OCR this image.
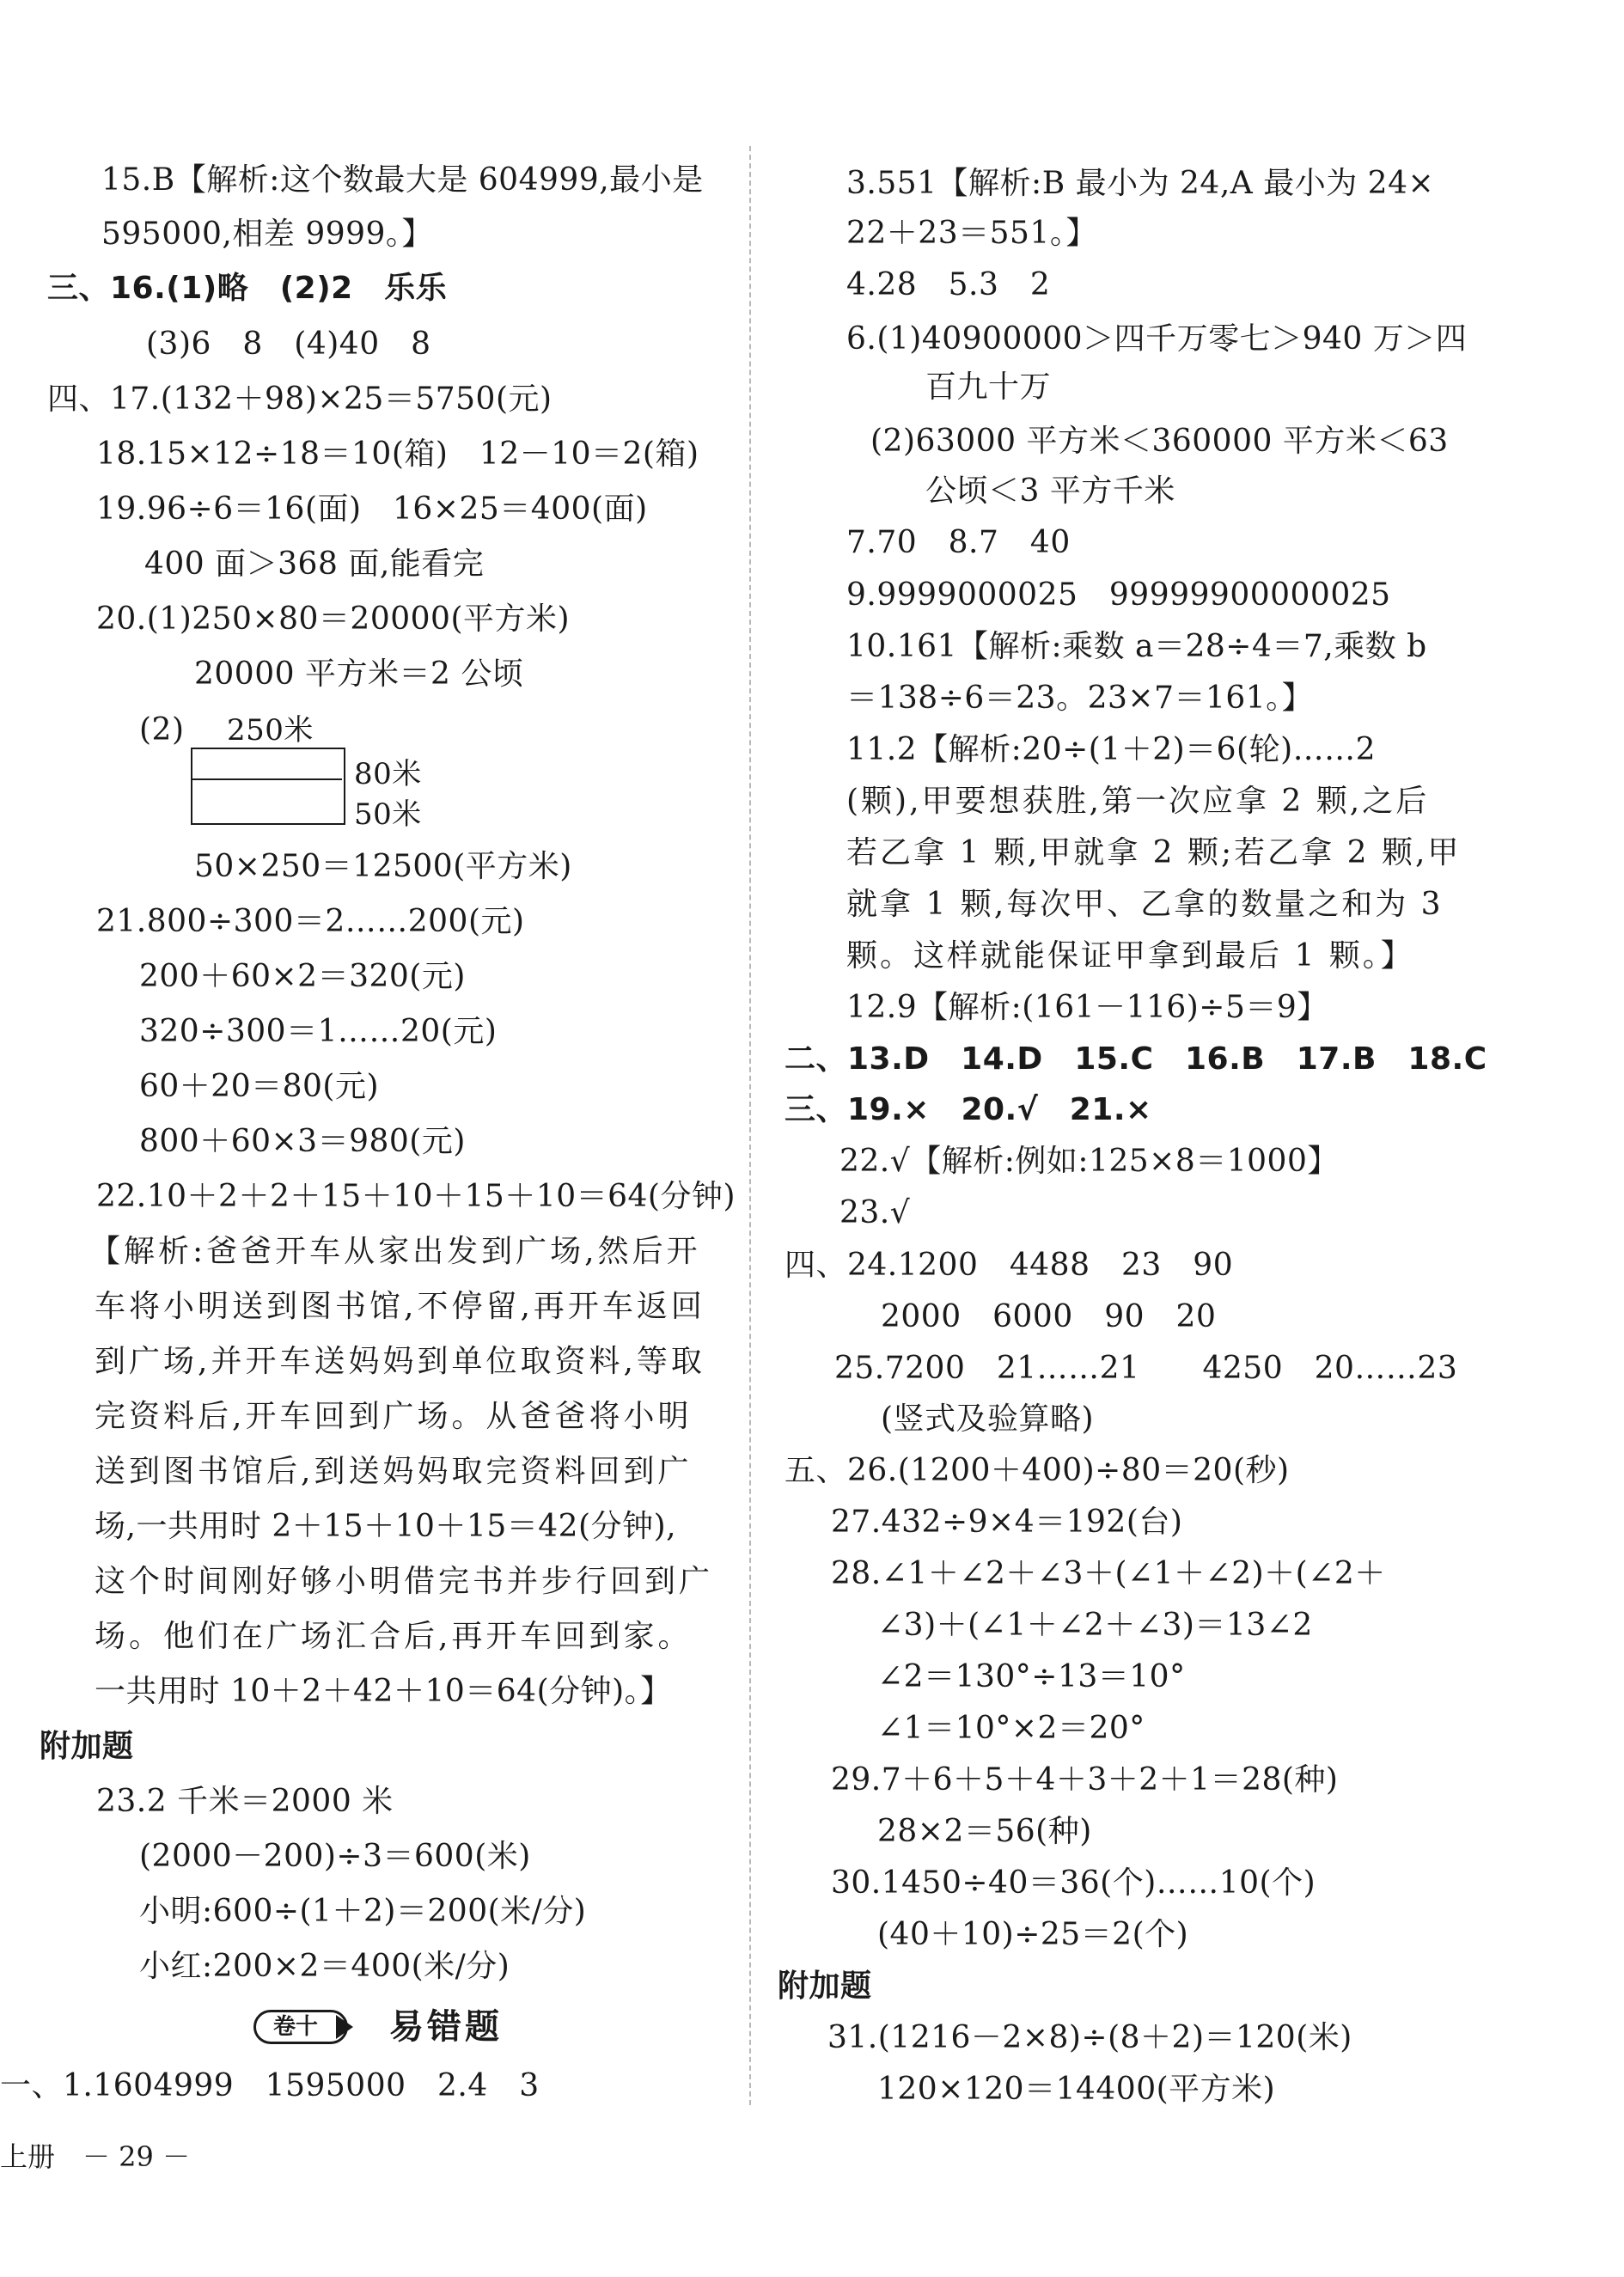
15.B【解析:这个数最大是 604999,最小是
595000,相差 9999。】
三、16.(1)略　(2)2　乐乐
(3)6　8　(4)40　8
四、17.(132＋98)×25＝5750(元)
18.15×12÷18＝10(箱)　12－10＝2(箱)
19.96÷6＝16(面)　16×25＝400(面)
400 面＞368 面,能看完
20.(1)250×80＝20000(平方米)
20000 平方米＝2 公顷
(2) 250米
80米
50米
50×250＝12500(平方米)
21.800÷300＝2……200(元)
200＋60×2＝320(元)
320÷300＝1……20(元)
60＋20＝80(元)
800＋60×3＝980(元)
22.10＋2＋2＋15＋10＋15＋10＝64(分钟)
【解析:爸爸开车从家出发到广场,然后开
车将小明送到图书馆,不停留,再开车返回
到广场,并开车送妈妈到单位取资料,等取
完资料后,开车回到广场。从爸爸将小明
送到图书馆后,到送妈妈取完资料回到广
场,一共用时 2＋15＋10＋15＝42(分钟),
这个时间刚好够小明借完书并步行回到广
场。他们在广场汇合后,再开车回到家。
一共用时 10＋2＋42＋10＝64(分钟)。】
附加题
23.2 千米＝2000 米
(2000－200)÷3＝600(米)
小明:600÷(1＋2)＝200(米/分)
小红:200×2＝400(米/分)
卷十	易错题
一、1.1604999　1595000　2.4　3
3.551【解析:B 最小为 24,A 最小为 24×
22＋23＝551。】
4.28　5.3　2
6.(1)40900000＞四千万零七＞940 万＞四
百九十万
(2)63000 平方米＜360000 平方米＜63
公顷＜3 平方千米
7.70　8.7　40
9.9999000025　99999900000025
10.161【解析:乘数 a＝28÷4＝7,乘数 b
＝138÷6＝23。23×7＝161。】
11.2【解析:20÷(1＋2)＝6(轮)……2
(颗),甲要想获胜,第一次应拿 2 颗,之后
若乙拿 1 颗,甲就拿 2 颗;若乙拿 2 颗,甲
就拿 1 颗,每次甲、乙拿的数量之和为 3
颗。这样就能保证甲拿到最后 1 颗。】
12.9【解析:(161－116)÷5＝9】
二、13.D　14.D　15.C　16.B　17.B　18.C
三、19.×　20.√　21.×
22.√【解析:例如:125×8＝1000】
23.√
四、24.1200　4488　23　90
2000　6000　90　20
25.7200　21……21　　4250　20……23
(竖式及验算略)
五、26.(1200＋400)÷80＝20(秒)
27.432÷9×4＝192(台)
28.∠1＋∠2＋∠3＋(∠1＋∠2)＋(∠2＋
∠3)＋(∠1＋∠2＋∠3)＝13∠2
∠2＝130°÷13＝10°
∠1＝10°×2＝20°
29.7＋6＋5＋4＋3＋2＋1＝28(种)
28×2＝56(种)
30.1450÷40＝36(个)……10(个)
(40＋10)÷25＝2(个)
附加题
31.(1216－2×8)÷(8＋2)＝120(米)
120×120＝14400(平方米)
上册　－ 29 －
